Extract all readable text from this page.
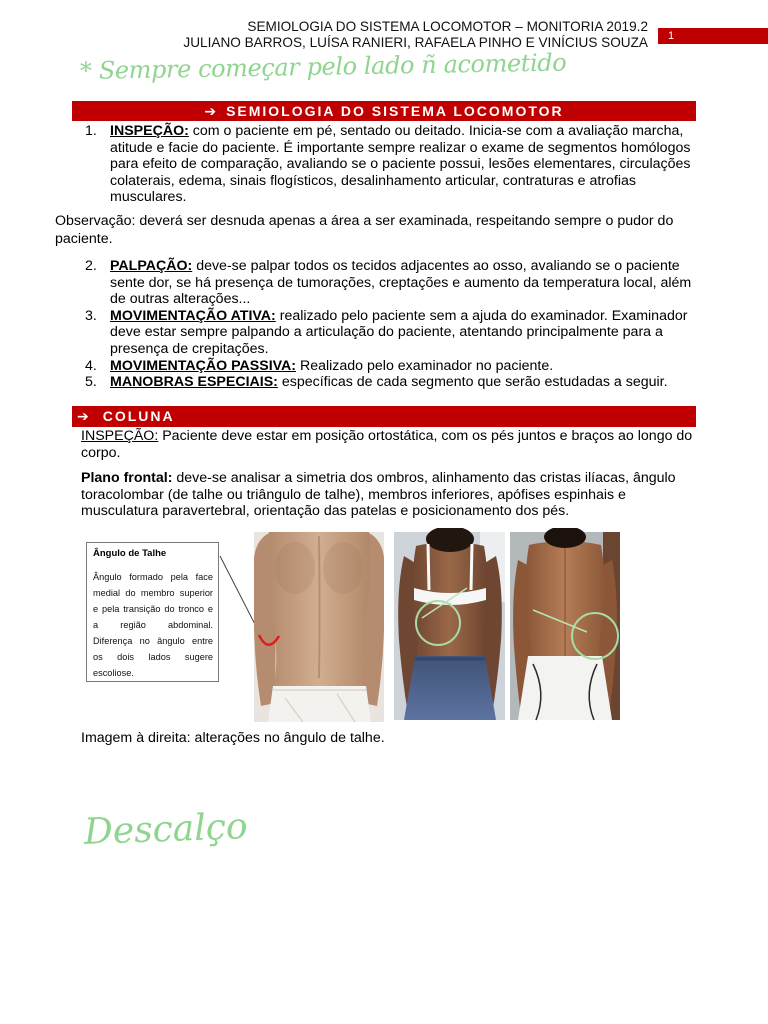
SEMIOLOGIA DO SISTEMA LOCOMOTOR – MONITORIA 2019.2
JULIANO BARROS, LUÍSA RANIERI, RAFAELA PINHO E VINÍCIUS SOUZA	1
* Sempre começar pelo lado ñ acometido
➔ SEMIOLOGIA DO SISTEMA LOCOMOTOR
1. INSPEÇÃO: com o paciente em pé, sentado ou deitado. Inicia-se com a avaliação marcha, atitude e facie do paciente. É importante sempre realizar o exame de segmentos homólogos para efeito de comparação, avaliando se o paciente possui, lesões elementares, circulações colaterais, edema, sinais flogísticos, desalinhamento articular, contraturas e atrofias musculares.
Observação: deverá ser desnuda apenas a área a ser examinada, respeitando sempre o pudor do paciente.
2. PALPAÇÃO: deve-se palpar todos os tecidos adjacentes ao osso, avaliando se o paciente sente dor, se há presença de tumorações, creptações e aumento da temperatura local, além de outras alterações...
3. MOVIMENTAÇÃO ATIVA: realizado pelo paciente sem a ajuda do examinador. Examinador deve estar sempre palpando a articulação do paciente, atentando principalmente para a presença de crepitações.
4. MOVIMENTAÇÃO PASSIVA: Realizado pelo examinador no paciente.
5. MANOBRAS ESPECIAIS: específicas de cada segmento que serão estudadas a seguir.
➔ COLUNA
INSPEÇÃO: Paciente deve estar em posição ortostática, com os pés juntos e braços ao longo do corpo.
Plano frontal: deve-se analisar a simetria dos ombros, alinhamento das cristas ilíacas, ângulo toracolombar (de talhe ou triângulo de talhe), membros inferiores, apófises espinhais e musculatura paravertebral, orientação das patelas e posicionamento dos pés.
Ângulo de Talhe
Ângulo formado pela face
medial do membro superior
e pela transição do tronco e
a região abdominal.
Diferença no ângulo entre
os dois lados sugere
escoliose.
Imagem à direita: alterações no ângulo de talhe.
Descalço
